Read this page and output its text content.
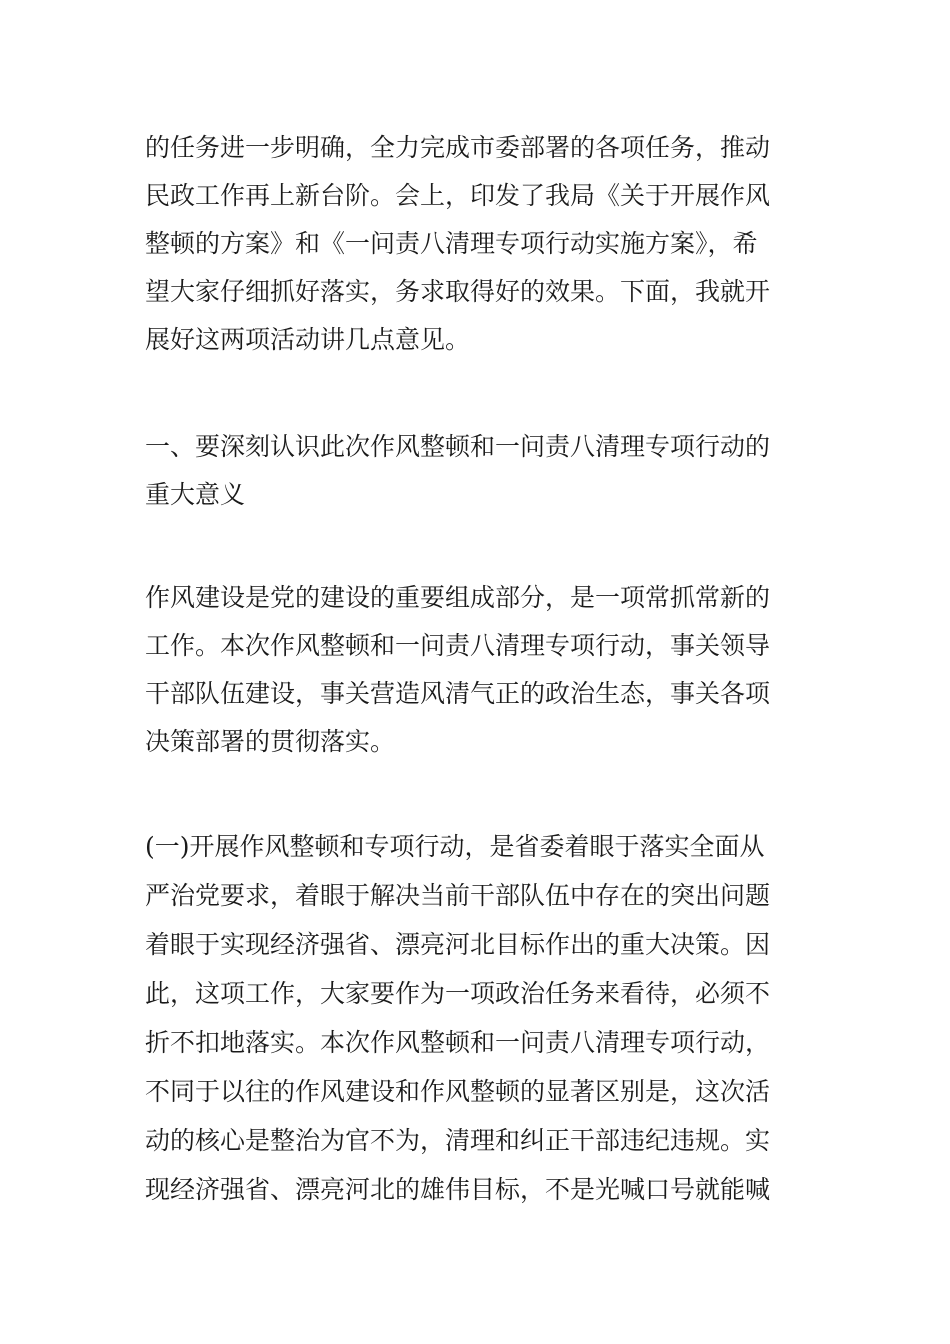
的任务进一步明确，全力完成市委部署的各项任务，推动
民政工作再上新台阶。会上，印发了我局《关于开展作风
整顿的方案》和《一问责八清理专项行动实施方案》，希
望大家仔细抓好落实，务求取得好的效果。下面，我就开
展好这两项活动讲几点意见。
一、要深刻认识此次作风整顿和一问责八清理专项行动的
重大意义
作风建设是党的建设的重要组成部分，是一项常抓常新的
工作。本次作风整顿和一问责八清理专项行动，事关领导
干部队伍建设，事关营造风清气正的政治生态，事关各项
决策部署的贯彻落实。
(一)开展作风整顿和专项行动，是省委着眼于落实全面从
严治党要求，着眼于解决当前干部队伍中存在的突出问题
着眼于实现经济强省、漂亮河北目标作出的重大决策。因
此，这项工作，大家要作为一项政治任务来看待，必须不
折不扣地落实。本次作风整顿和一问责八清理专项行动，
不同于以往的作风建设和作风整顿的显著区别是，这次活
动的核心是整治为官不为，清理和纠正干部违纪违规。实
现经济强省、漂亮河北的雄伟目标，不是光喊口号就能喊
